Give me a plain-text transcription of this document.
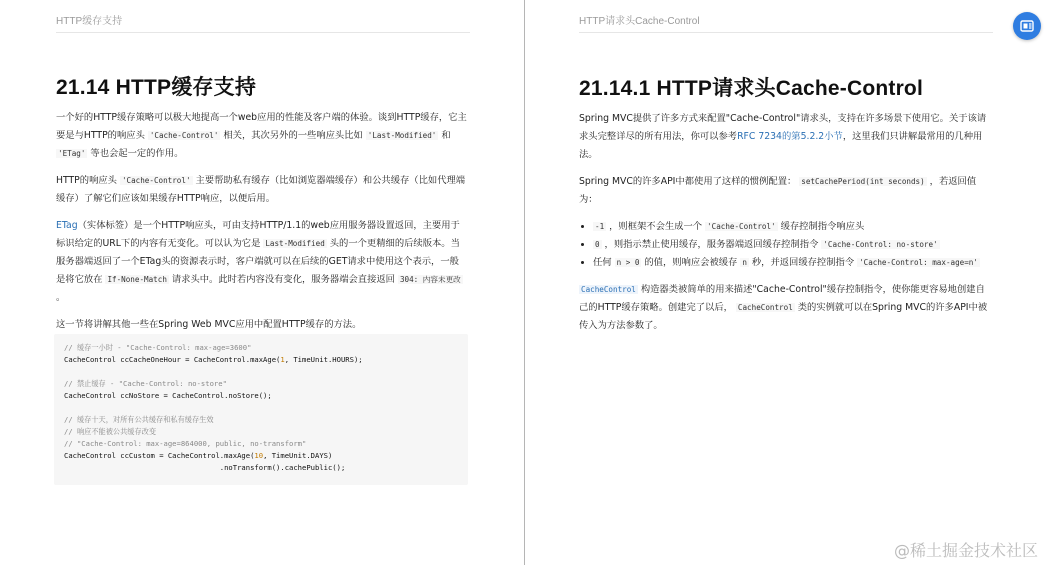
HTTP缓存支持
21.14 HTTP缓存支持

一个好的HTTP缓存策略可以极大地提高一个web应用的性能及客户端的体验。谈到HTTP缓存，它主要是与HTTP的响应头 'Cache-Control' 相关，其次另外的一些响应头比如 'Last-Modified' 和 'ETag' 等也会起一定的作用。

HTTP的响应头 'Cache-Control' 主要帮助私有缓存（比如浏览器端缓存）和公共缓存（比如代理端缓存）了解它们应该如果缓存HTTP响应，以便后用。

ETag（实体标签）是一个HTTP响应头，可由支持HTTP/1.1的web应用服务器设置返回，主要用于标识给定的URL下的内容有无变化。可以认为它是 Last-Modified 头的一个更精细的后续版本。当服务器端返回了一个ETag头的资源表示时，客户端就可以在后续的GET请求中使用这个表示，一般是将它放在 If-None-Match 请求头中。此时若内容没有变化，服务器端会直接返回 304: 内容未更改 。

这一节将讲解其他一些在Spring Web MVC应用中配置HTTP缓存的方法。

HTTP请求头Cache-Control
21.14.1 HTTP请求头Cache-Control

Spring MVC提供了许多方式来配置"Cache-Control"请求头，支持在许多场景下使用它。关于该请求头完整详尽的所有用法，你可以参考RFC 7234的第5.2.2小节，这里我们只讲解最常用的几种用法。

Spring MVC的许多API中都使用了这样的惯例配置： setCachePeriod(int seconds) ，若返回值为：

• -1 ，则框架不会生成一个 'Cache-Control' 缓存控制指令响应头
• 0 ，则指示禁止使用缓存，服务器端返回缓存控制指令 'Cache-Control: no-store'
• 任何 n > 0 的值，则响应会被缓存 n 秒，并返回缓存控制指令 'Cache-Control: max-age=n'

CacheControl 构造器类被简单的用来描述"Cache-Control"缓存控制指令，使你能更容易地创建自己的HTTP缓存策略。创建完了以后， CacheControl 类的实例就可以在Spring MVC的许多API中被传入为方法参数了。

// 缓存一小时 - "Cache-Control: max-age=3600"
CacheControl ccCacheOneHour = CacheControl.maxAge(1, TimeUnit.HOURS);
// 禁止缓存 - "Cache-Control: no-store"
CacheControl ccNoStore = CacheControl.noStore();
// 缓存十天，对所有公共缓存和私有缓存生效
// 响应不能被公共缓存改变
// "Cache-Control: max-age=864000, public, no-transform"
CacheControl ccCustom = CacheControl.maxAge(10, TimeUnit.DAYS)
.noTransform().cachePublic();
@稀土掘金技术社区
